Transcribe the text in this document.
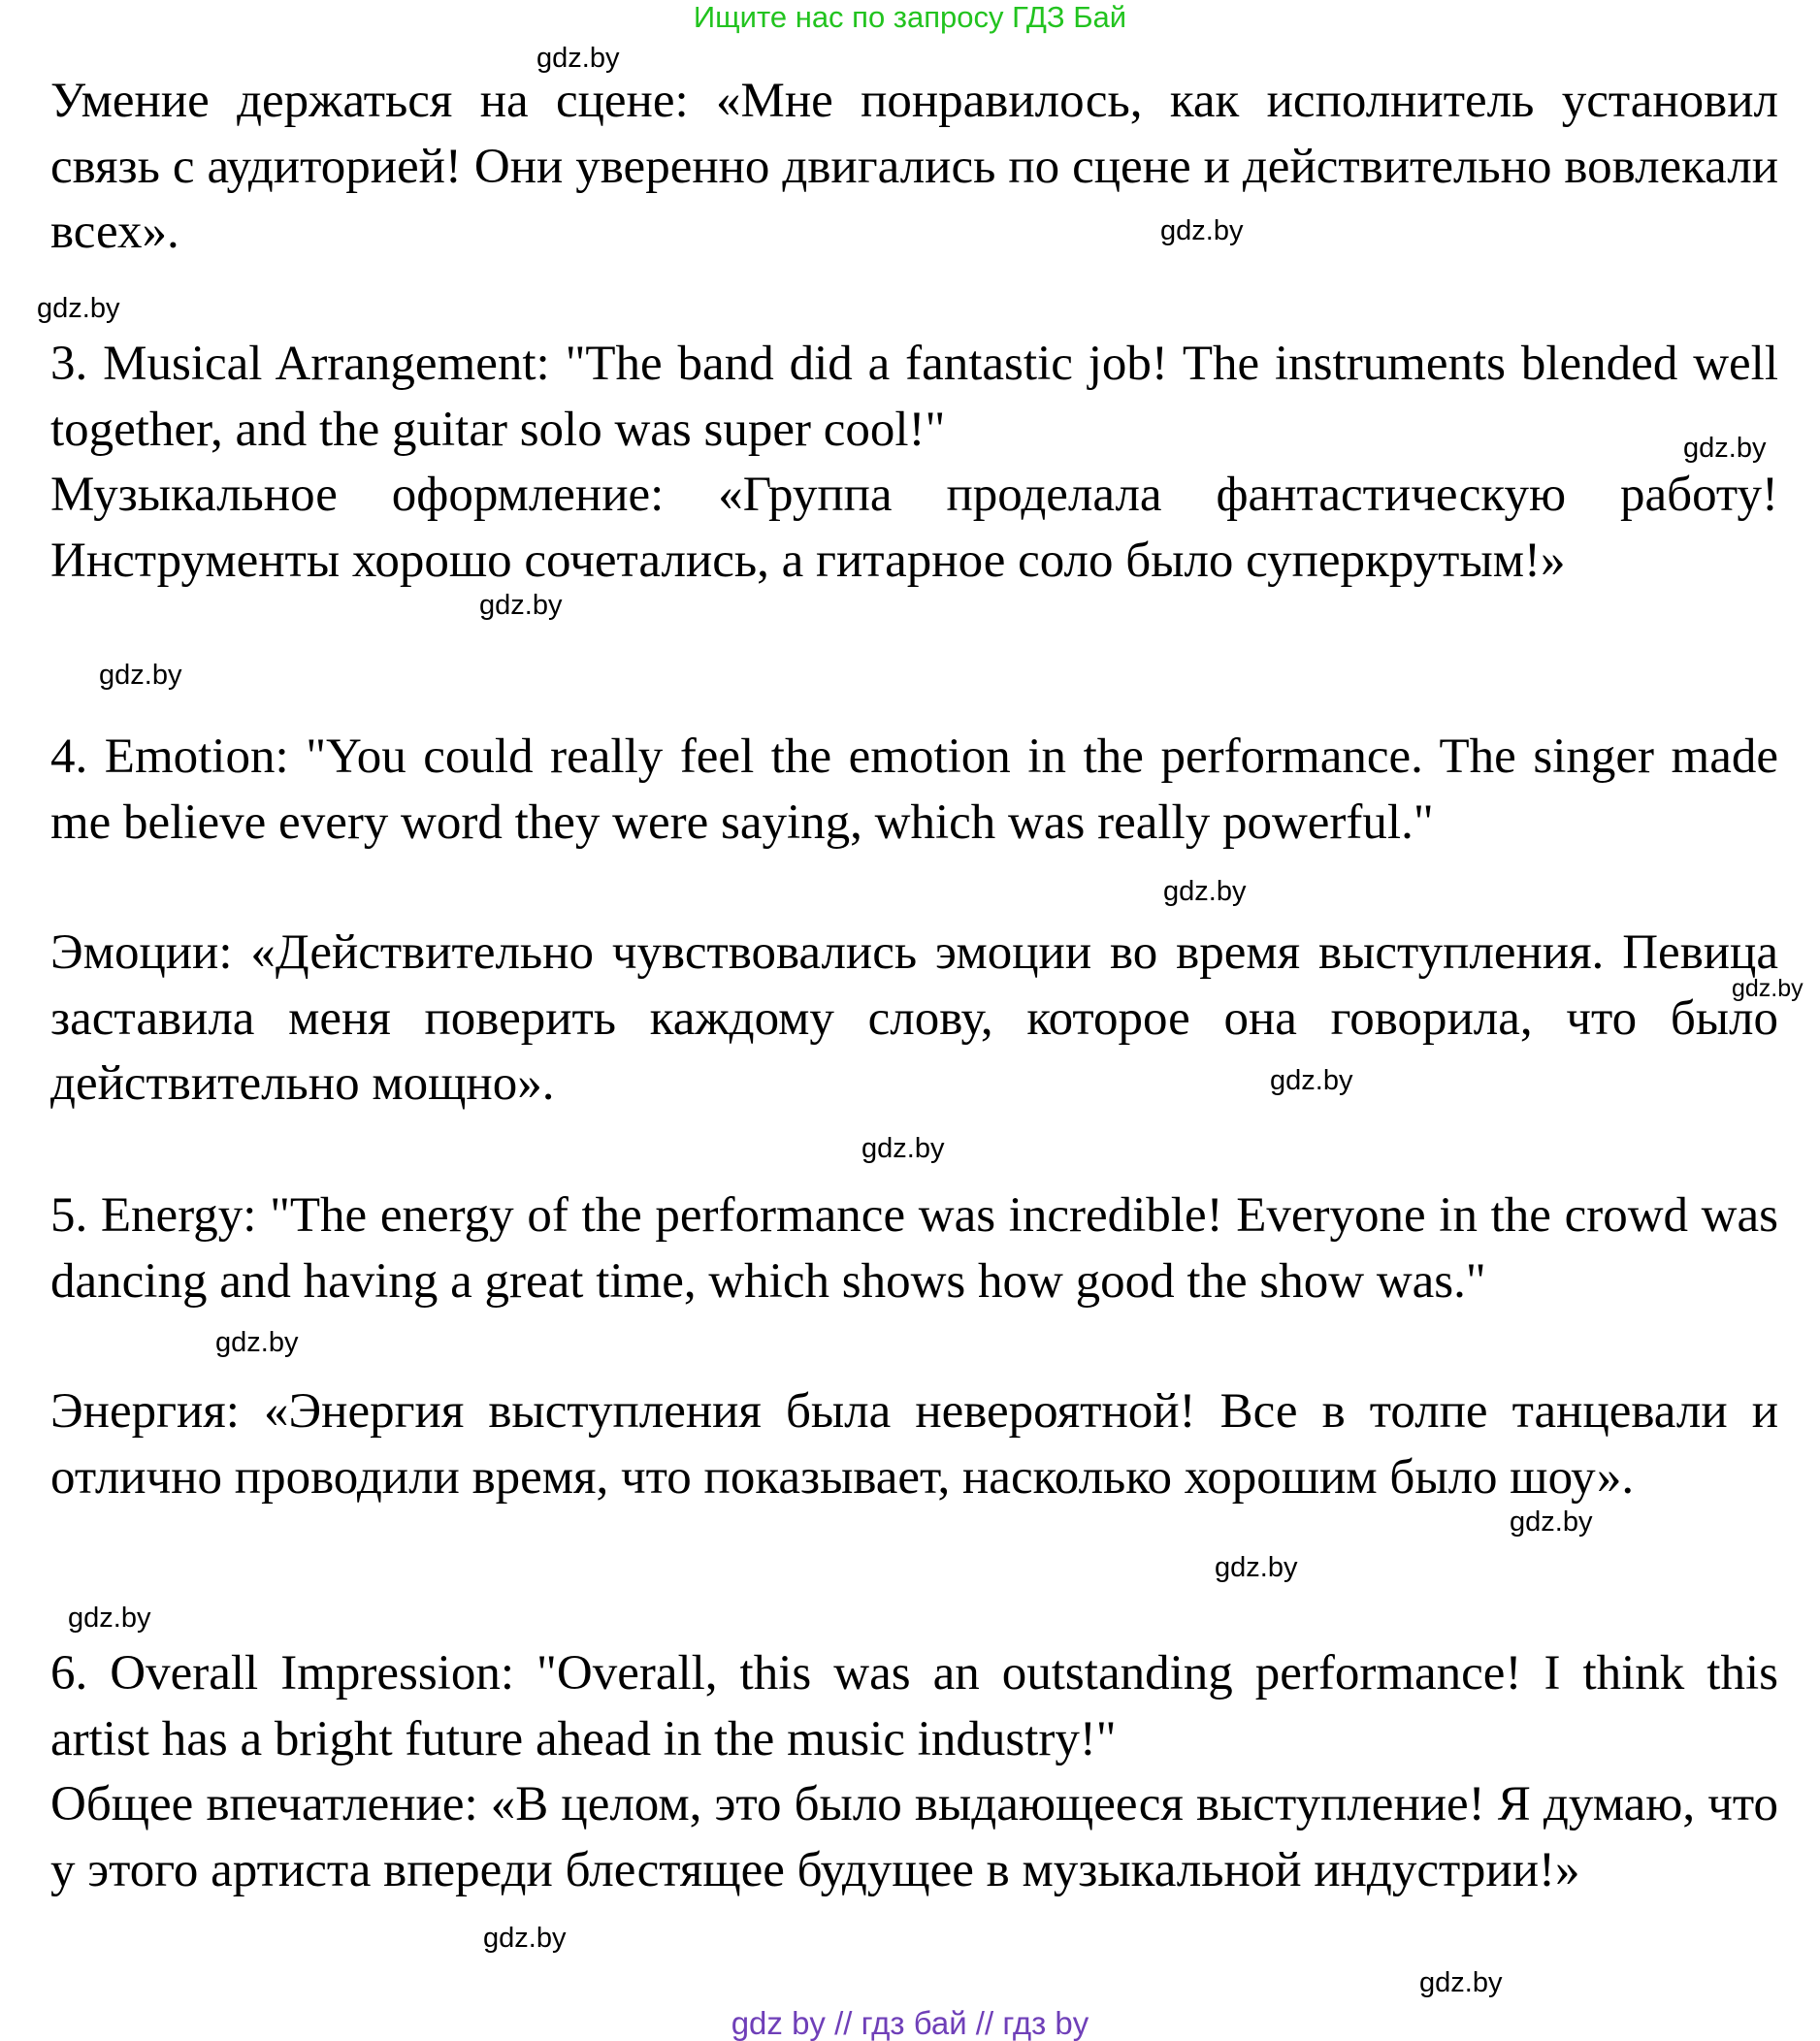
Ищите нас по запросу ГДЗ Бай

Умение держаться на сцене: «Мне понравилось, как исполнитель установил связь с аудиторией! Они уверенно двигались по сцене и действительно вовлекали всех».

3. Musical Arrangement: "The band did a fantastic job! The instruments blended well together, and the guitar solo was super cool!"

Музыкальное оформление: «Группа проделала фантастическую работу! Инструменты хорошо сочетались, а гитарное соло было суперкрутым!»

4. Emotion: "You could really feel the emotion in the performance. The singer made me believe every word they were saying, which was really powerful."

Эмоции: «Действительно чувствовались эмоции во время выступления. Певица заставила меня поверить каждому слову, которое она говорила, что было действительно мощно».

5. Energy: "The energy of the performance was incredible! Everyone in the crowd was dancing and having a great time, which shows how good the show was."

Энергия: «Энергия выступления была невероятной! Все в толпе танцевали и отлично проводили время, что показывает, насколько хорошим было шоу».

6. Overall Impression: "Overall, this was an outstanding performance! I think this artist has a bright future ahead in the music industry!"

Общее впечатление: «В целом, это было выдающееся выступление! Я думаю, что у этого артиста впереди блестящее будущее в музыкальной индустрии!»

gdz.by
gdz.by
gdz.by
gdz.by
gdz.by
gdz.by
gdz.by
gdz.by
gdz.by
gdz.by
gdz.by
gdz.by
gdz.by
gdz.by
gdz.by
gdz.by
gdz by // гдз бай // гдз by
